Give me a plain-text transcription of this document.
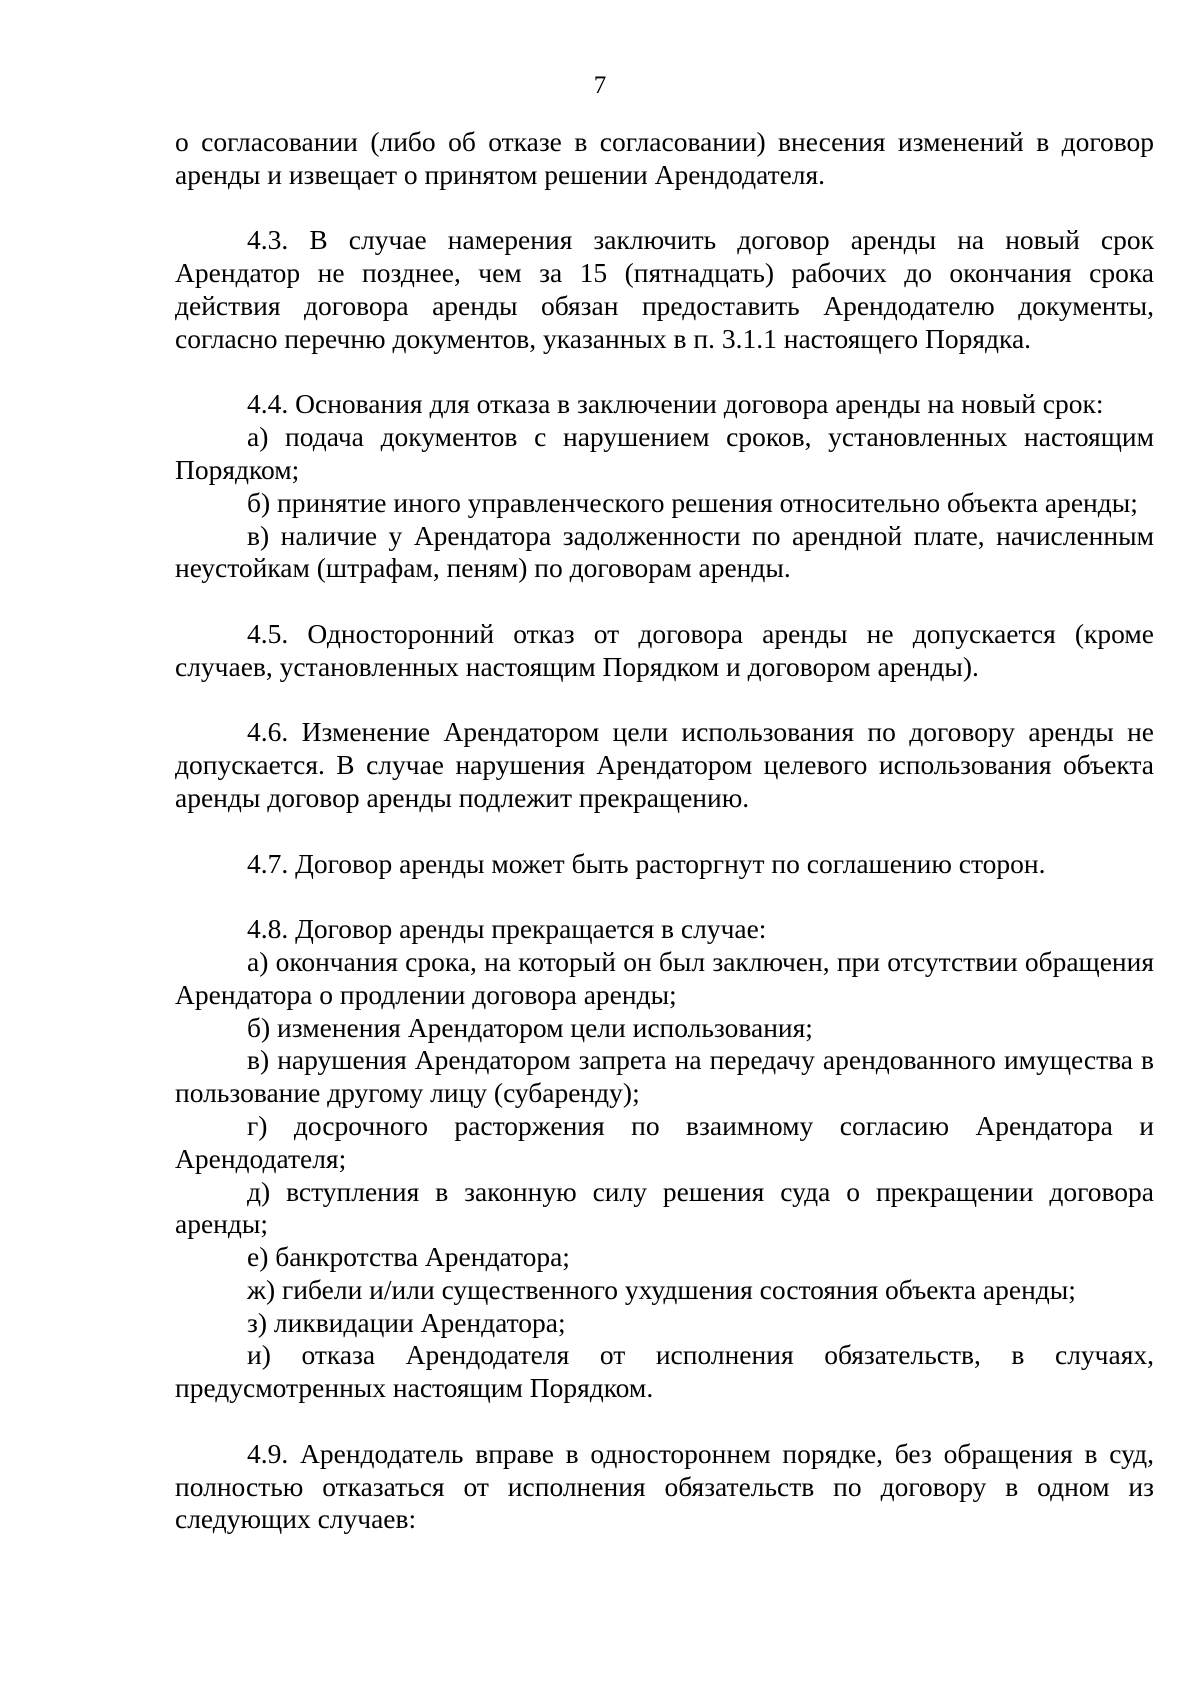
7

о согласовании (либо об отказе в согласовании) внесения изменений в договор аренды и извещает о принятом решении Арендодателя.

4.3. В случае намерения заключить договор аренды на новый срок Арендатор не позднее, чем за 15 (пятнадцать) рабочих до окончания срока действия договора аренды обязан предоставить Арендодателю документы, согласно перечню документов, указанных в п. 3.1.1 настоящего Порядка.

4.4. Основания для отказа в заключении договора аренды на новый срок:

а) подача документов с нарушением сроков, установленных настоящим Порядком;

б) принятие иного управленческого решения относительно объекта аренды;

в) наличие у Арендатора задолженности по арендной плате, начисленным неустойкам (штрафам, пеням) по договорам аренды.

4.5. Односторонний отказ от договора аренды не допускается (кроме случаев, установленных настоящим Порядком и договором аренды).

4.6. Изменение Арендатором цели использования по договору аренды не допускается. В случае нарушения Арендатором целевого использования объекта аренды договор аренды подлежит прекращению.

4.7. Договор аренды может быть расторгнут по соглашению сторон.

4.8. Договор аренды прекращается в случае:

а) окончания срока, на который он был заключен, при отсутствии обращения Арендатора о продлении договора аренды;

б) изменения Арендатором цели использования;

в) нарушения Арендатором запрета на передачу арендованного имущества в пользование другому лицу (субаренду);

г) досрочного расторжения по взаимному согласию Арендатора и Арендодателя;

д) вступления в законную силу решения суда о прекращении договора аренды;

е) банкротства Арендатора;

ж) гибели и/или существенного ухудшения состояния объекта аренды;

з) ликвидации Арендатора;

и) отказа Арендодателя от исполнения обязательств, в случаях, предусмотренных настоящим Порядком.

4.9. Арендодатель вправе в одностороннем порядке, без обращения в суд, полностью отказаться от исполнения обязательств по договору в одном из следующих случаев:
